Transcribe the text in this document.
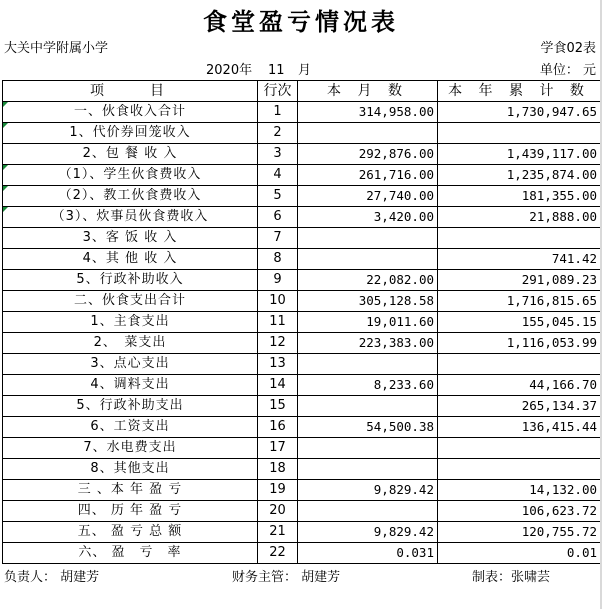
食堂盈亏情况表
大关中学附属小学	学食02表
2020年 11 月	单位： 元
项　　目	行次	本 月 数	本 年 累 计 数
一、伙食收入合计	1	314,958.00	1,730,947.65
1、代价券回笼收入	2		
2、包 餐 收 入	3	292,876.00	1,439,117.00
（1）、学生伙食费收入	4	261,716.00	1,235,874.00
（2）、教工伙食费收入	5	27,740.00	181,355.00
（3）、炊事员伙食费收入	6	3,420.00	21,888.00
3、客 饭 收 入	7		
4、其 他 收 入	8		741.42
5、行政补助收入	9	22,082.00	291,089.23
二、伙食支出合计	10	305,128.58	1,716,815.65
1、主食支出	11	19,011.60	155,045.15
2、　菜支出	12	223,383.00	1,116,053.99
3、点心支出	13		
4、调料支出	14	8,233.60	44,166.70
5、行政补助支出	15		265,134.37
6、工资支出	16	54,500.38	136,415.44
7、水电费支出	17		
8、其他支出	18		
三 、本 年 盈 亏	19	9,829.42	14,132.00
四、 历 年 盈 亏	20		106,623.72
五、 盈 亏 总 额	21	9,829.42	120,755.72
六、 盈　亏　率	22	0.031	0.01
负责人： 胡建芳	财务主管： 胡建芳	制表：张啸芸
